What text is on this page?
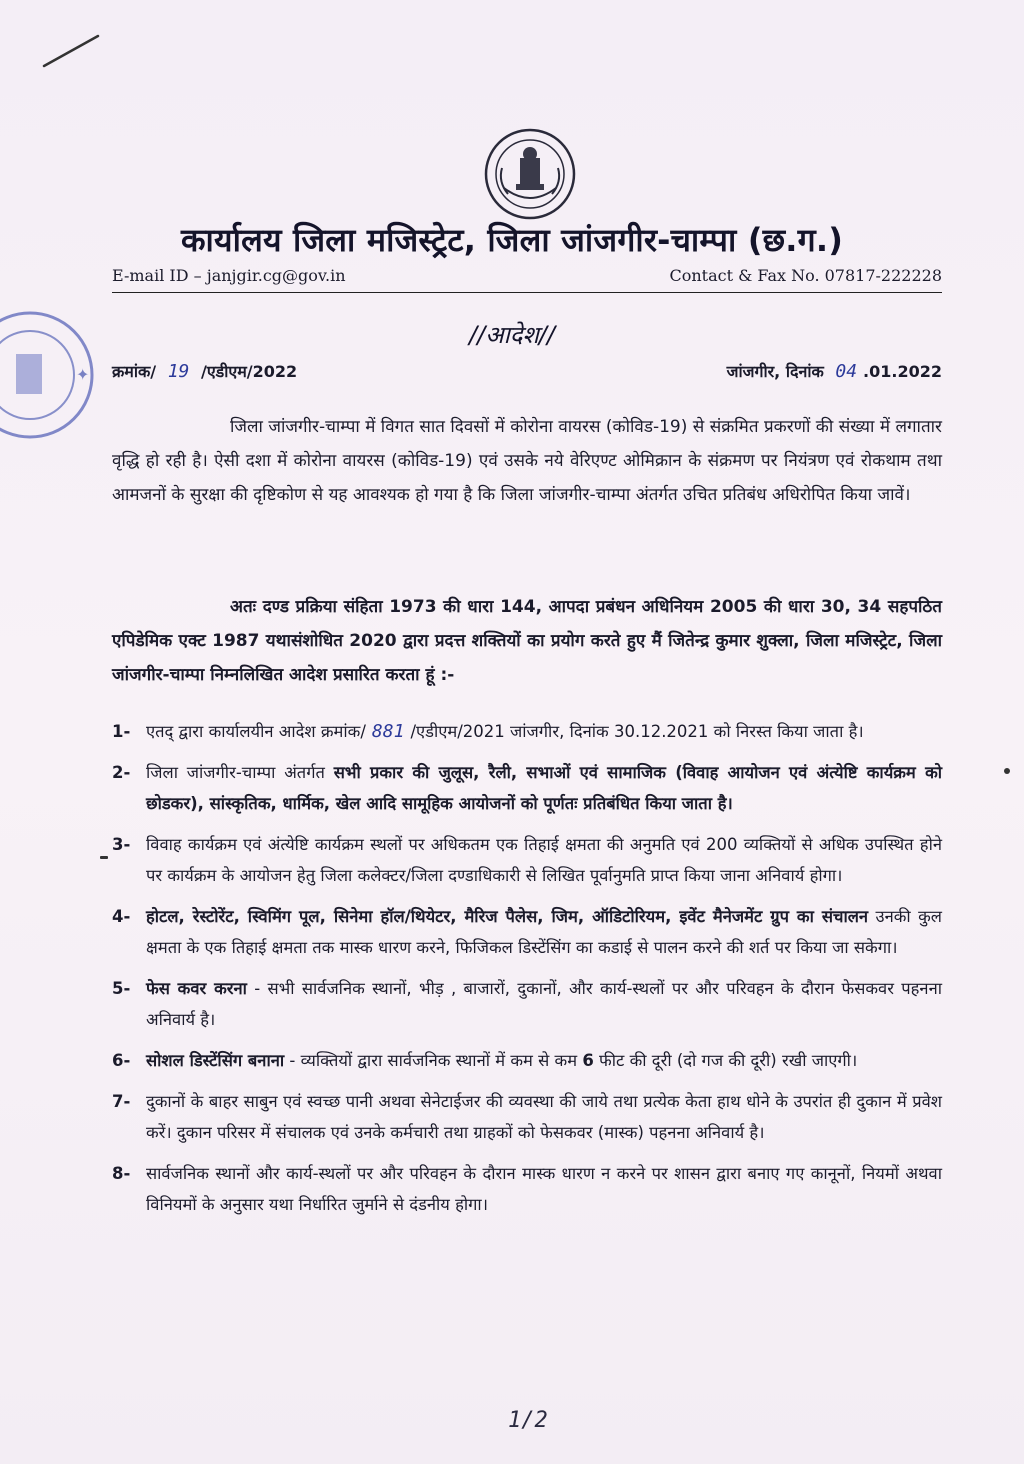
✦
कार्यालय जिला मजिस्ट्रेट, जिला जांजगीर-चाम्पा (छ.ग.)
E-mail ID – janjgir.cg@gov.in	Contact & Fax No. 07817-222228
//आदेश//
क्रमांक/ 19 /एडीएम/2022	जांजगीर, दिनांक 04 .01.2022
जिला जांजगीर-चाम्पा में विगत सात दिवसों में कोरोना वायरस (कोविड-19) से संक्रमित प्रकरणों की संख्या में लगातार वृद्धि हो रही है। ऐसी दशा में कोरोना वायरस (कोविड-19) एवं उसके नये वेरिएण्ट ओमिक्रान के संक्रमण पर नियंत्रण एवं रोकथाम तथा आमजनों के सुरक्षा की दृष्टिकोण से यह आवश्यक हो गया है कि जिला जांजगीर-चाम्पा अंतर्गत उचित प्रतिबंध अधिरोपित किया जावें।
अतः दण्ड प्रक्रिया संहिता 1973 की धारा 144, आपदा प्रबंधन अधिनियम 2005 की धारा 30, 34 सहपठित एपिडेमिक एक्ट 1987 यथासंशोधित 2020 द्वारा प्रदत्त शक्तियों का प्रयोग करते हुए मैं जितेन्द्र कुमार शुक्ला, जिला मजिस्ट्रेट, जिला जांजगीर-चाम्पा निम्नलिखित आदेश प्रसारित करता हूं :-
1- एतद् द्वारा कार्यालयीन आदेश क्रमांक/ 881 /एडीएम/2021 जांजगीर, दिनांक 30.12.2021 को निरस्त किया जाता है।
2- जिला जांजगीर-चाम्पा अंतर्गत सभी प्रकार की जुलूस, रैली, सभाओं एवं सामाजिक (विवाह आयोजन एवं अंत्येष्टि कार्यक्रम को छोडकर), सांस्कृतिक, धार्मिक, खेल आदि सामूहिक आयोजनों को पूर्णतः प्रतिबंधित किया जाता है।
3- विवाह कार्यक्रम एवं अंत्येष्टि कार्यक्रम स्थलों पर अधिकतम एक तिहाई क्षमता की अनुमति एवं 200 व्यक्तियों से अधिक उपस्थित होने पर कार्यक्रम के आयोजन हेतु जिला कलेक्टर/जिला दण्डाधिकारी से लिखित पूर्वानुमति प्राप्त किया जाना अनिवार्य होगा।
4- होटल, रेस्टोरेंट, स्विमिंग पूल, सिनेमा हॉल/थियेटर, मैरिज पैलेस, जिम, ऑडिटोरियम, इवेंट मैनेजमेंट ग्रुप का संचालन उनकी कुल क्षमता के एक तिहाई क्षमता तक मास्क धारण करने, फिजिकल डिस्टेंसिंग का कडाई से पालन करने की शर्त पर किया जा सकेगा।
5- फेस कवर करना - सभी सार्वजनिक स्थानों, भीड़ , बाजारों, दुकानों, और कार्य-स्थलों पर और परिवहन के दौरान फेसकवर पहनना अनिवार्य है।
6- सोशल डिस्टेंसिंग बनाना - व्यक्तियों द्वारा सार्वजनिक स्थानों में कम से कम 6 फीट की दूरी (दो गज की दूरी) रखी जाएगी।
7- दुकानों के बाहर साबुन एवं स्वच्छ पानी अथवा सेनेटाईजर की व्यवस्था की जाये तथा प्रत्येक केता हाथ धोने के उपरांत ही दुकान में प्रवेश करें। दुकान परिसर में संचालक एवं उनके कर्मचारी तथा ग्राहकों को फेसकवर (मास्क) पहनना अनिवार्य है।
8- सार्वजनिक स्थानों और कार्य-स्थलों पर और परिवहन के दौरान मास्क धारण न करने पर शासन द्वारा बनाए गए कानूनों, नियमों अथवा विनियमों के अनुसार यथा निर्धारित जुर्माने से दंडनीय होगा।
1/2
